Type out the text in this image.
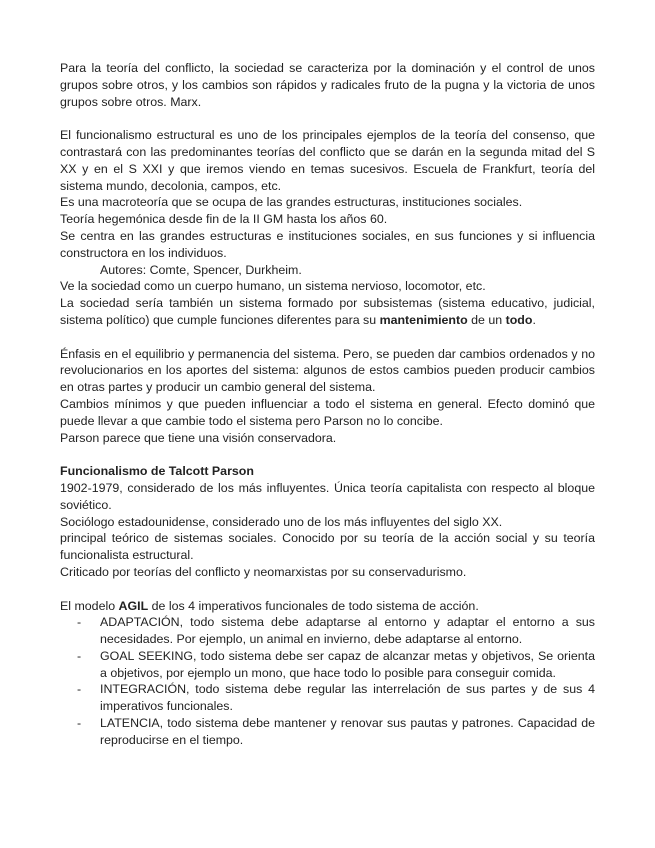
Para la teoría del conflicto, la sociedad se caracteriza por la dominación y el control de unos grupos sobre otros, y los cambios son rápidos y radicales fruto de la pugna y la victoria de unos grupos sobre otros. Marx.

El funcionalismo estructural es uno de los principales ejemplos de la teoría del consenso, que contrastará con las predominantes teorías del conflicto que se darán en la segunda mitad del S XX y en el S XXI y que iremos viendo en temas sucesivos. Escuela de Frankfurt, teoría del sistema mundo, decolonia, campos, etc.

Es una macroteoría que se ocupa de las grandes estructuras, instituciones sociales.

Teoría hegemónica desde fin de la II GM hasta los años 60.

Se centra en las grandes estructuras e instituciones sociales, en sus funciones y si influencia constructora en los individuos.

Autores: Comte, Spencer, Durkheim.

Ve la sociedad como un cuerpo humano, un sistema nervioso, locomotor, etc.

La sociedad sería también un sistema formado por subsistemas (sistema educativo, judicial, sistema político) que cumple funciones diferentes para su mantenimiento de un todo.

Énfasis en el equilibrio y permanencia del sistema. Pero, se pueden dar cambios ordenados y no revolucionarios en los aportes del sistema: algunos de estos cambios pueden producir cambios en otras partes y producir un cambio general del sistema.

Cambios mínimos y que pueden influenciar a todo el sistema en general. Efecto dominó que puede llevar a que cambie todo el sistema pero Parson no lo concibe.

Parson parece que tiene una visión conservadora.

Funcionalismo de Talcott Parson

1902-1979, considerado de los más influyentes. Única teoría capitalista con respecto al bloque soviético.

Sociólogo estadounidense, considerado uno de los más influyentes del siglo XX.

principal teórico de sistemas sociales. Conocido por su teoría de la acción social y su teoría funcionalista estructural.

Criticado por teorías del conflicto y neomarxistas por su conservadurismo.

El modelo AGIL de los 4 imperativos funcionales de todo sistema de acción.

- ADAPTACIÓN, todo sistema debe adaptarse al entorno y adaptar el entorno a sus necesidades. Por ejemplo, un animal en invierno, debe adaptarse al entorno.
- GOAL SEEKING, todo sistema debe ser capaz de alcanzar metas y objetivos, Se orienta a objetivos, por ejemplo un mono, que hace todo lo posible para conseguir comida.
- INTEGRACIÓN, todo sistema debe regular las interrelación de sus partes y de sus 4 imperativos funcionales.
- LATENCIA, todo sistema debe mantener y renovar sus pautas y patrones. Capacidad de reproducirse en el tiempo.
